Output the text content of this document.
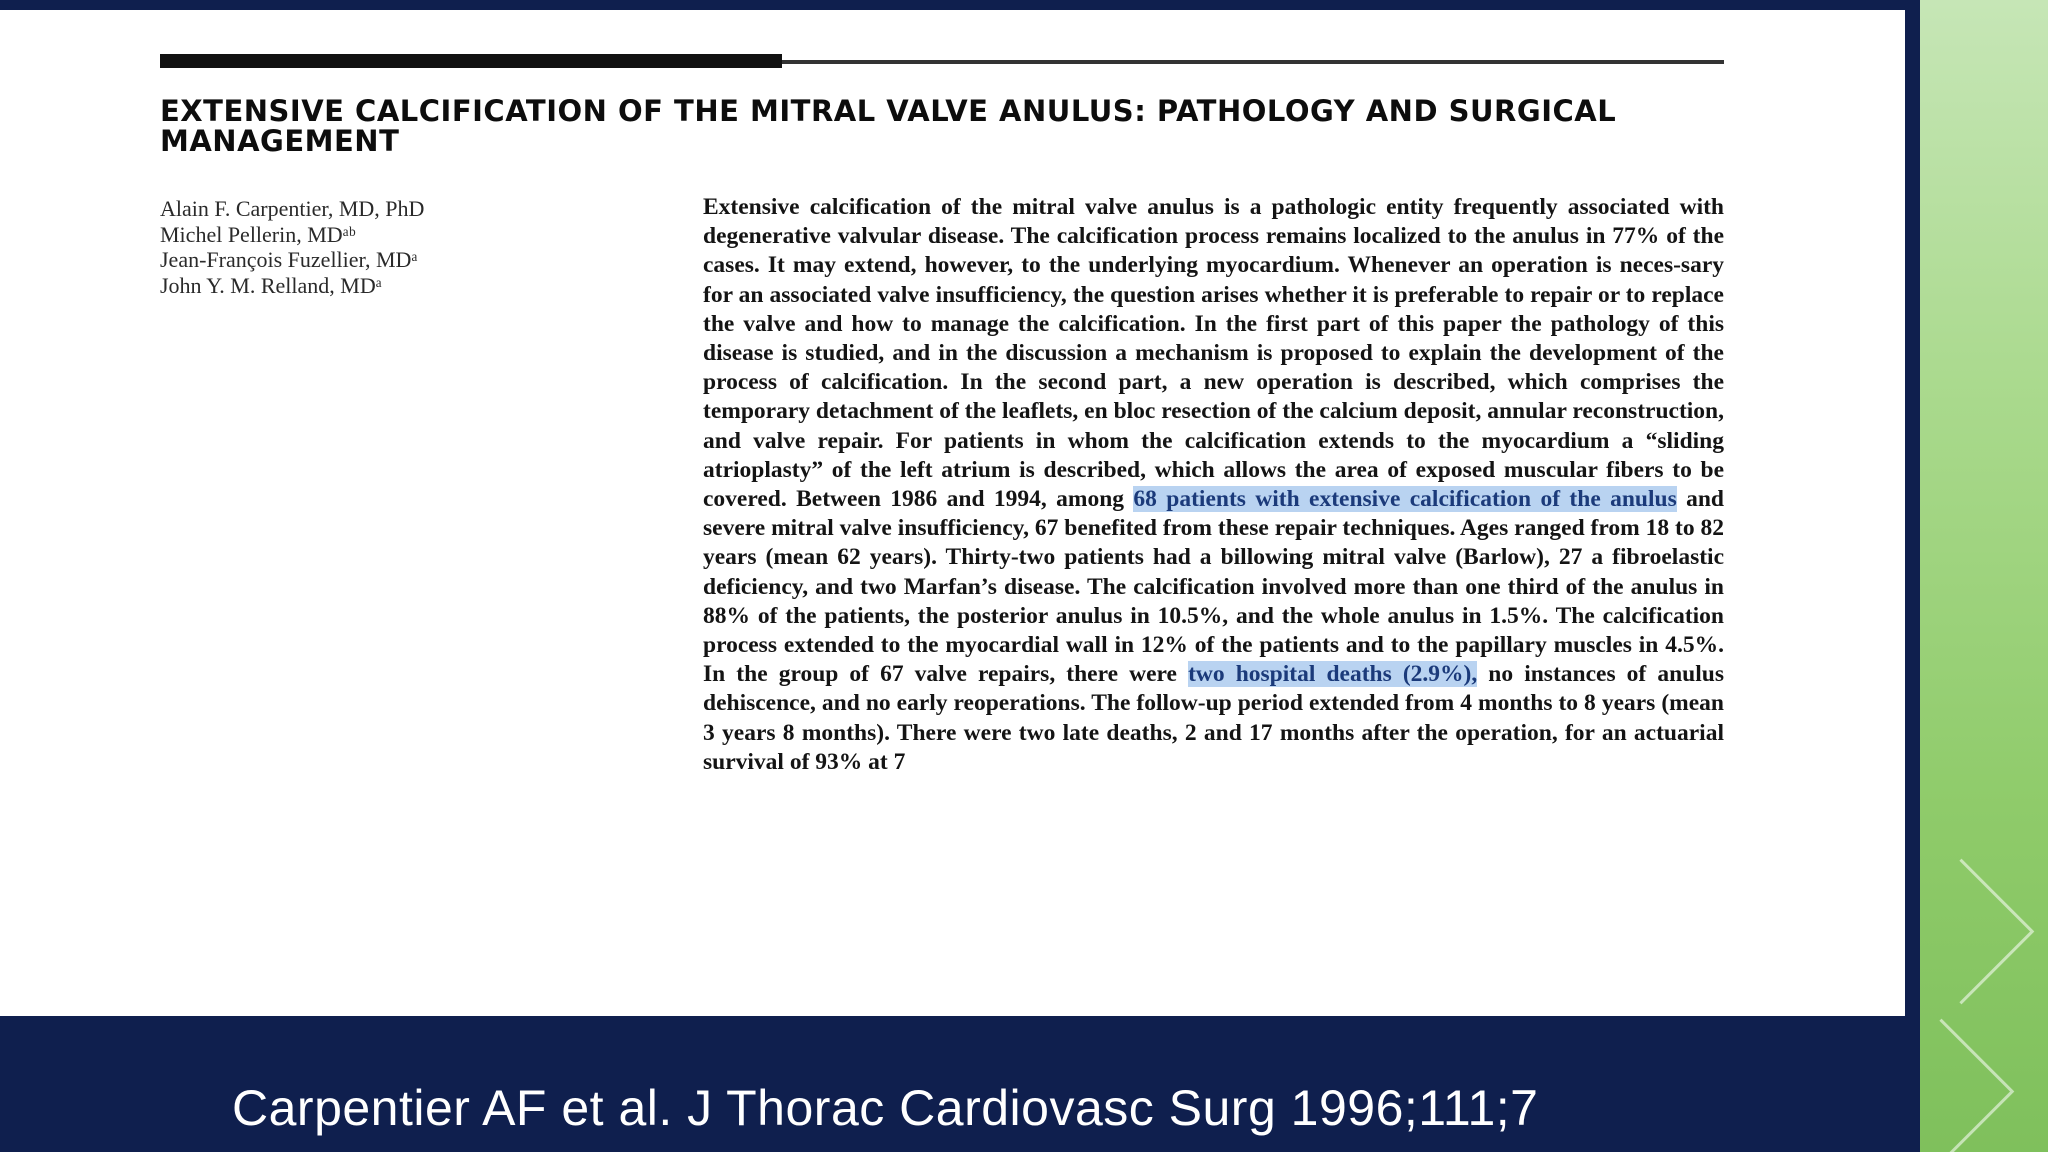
EXTENSIVE CALCIFICATION OF THE MITRAL VALVE ANULUS: PATHOLOGY AND SURGICAL MANAGEMENT
Alain F. Carpentier, MD, PhD
Michel Pellerin, MDᵃᵇ
Jean-François Fuzellier, MDᵃ
John Y. M. Relland, MDᵃ

Extensive calcification of the mitral valve anulus is a pathologic entity frequently associated with degenerative valvular disease. The calcification process remains localized to the anulus in 77% of the cases. It may extend, however, to the underlying myocardium. Whenever an operation is neces-sary for an associated valve insufficiency, the question arises whether it is preferable to repair or to replace the valve and how to manage the calcification. In the first part of this paper the pathology of this disease is studied, and in the discussion a mechanism is proposed to explain the development of the process of calcification. In the second part, a new operation is described, which comprises the temporary detachment of the leaflets, en bloc resection of the calcium deposit, annular reconstruction, and valve repair. For patients in whom the calcification extends to the myocardium a “sliding atrioplasty” of the left atrium is described, which allows the area of exposed muscular fibers to be covered. Between 1986 and 1994, among 68 patients with extensive calcification of the anulus and severe mitral valve insufficiency, 67 benefited from these repair techniques. Ages ranged from 18 to 82 years (mean 62 years). Thirty-two patients had a billowing mitral valve (Barlow), 27 a fibroelastic deficiency, and two Marfan’s disease. The calcification involved more than one third of the anulus in 88% of the patients, the posterior anulus in 10.5%, and the whole anulus in 1.5%. The calcification process extended to the myocardial wall in 12% of the patients and to the papillary muscles in 4.5%. In the group of 67 valve repairs, there were two hospital deaths (2.9%), no instances of anulus dehiscence, and no early reoperations. The follow-up period extended from 4 months to 8 years (mean 3 years 8 months). There were two late deaths, 2 and 17 months after the operation, for an actuarial survival of 93% at 7

Carpentier AF et al. J Thorac Cardiovasc Surg 1996;111;7
